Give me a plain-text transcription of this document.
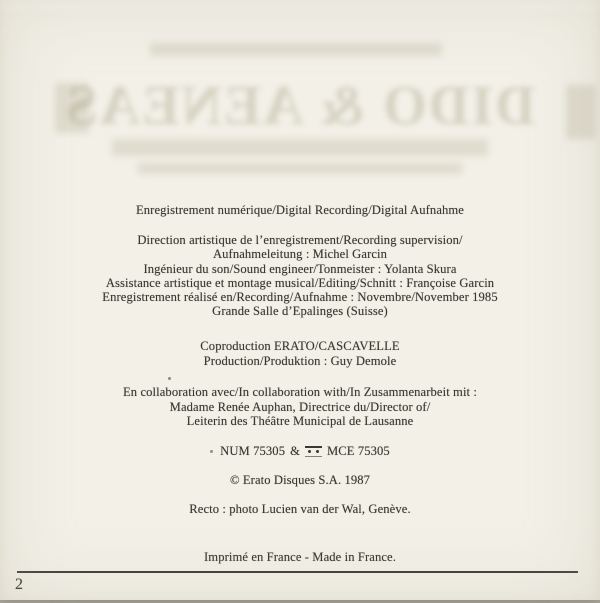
DIDO & AENEAS
Enregistrement numérique/Digital Recording/Digital Aufnahme

Direction artistique de l’enregistrement/Recording supervision/

Aufnahmeleitung : Michel Garcin

Ingénieur du son/Sound engineer/Tonmeister : Yolanta Skura

Assistance artistique et montage musical/Editing/Schnitt : Françoise Garcin

Enregistrement réalisé en/Recording/Aufnahme : Novembre/November 1985

Grande Salle d’Epalinges (Suisse)

Coproduction ERATO/CASCAVELLE

Production/Produktion : Guy Demole

En collaboration avec/In collaboration with/In Zusammenarbeit mit :

Madame Renée Auphan, Directrice du/Director of/

Leiterin des Théâtre Municipal de Lausanne

NUM 75305 & MCE 75305
© Erato Disques S.A. 1987
Recto : photo Lucien van der Wal, Genève.
Imprimé en France - Made in France.
2
